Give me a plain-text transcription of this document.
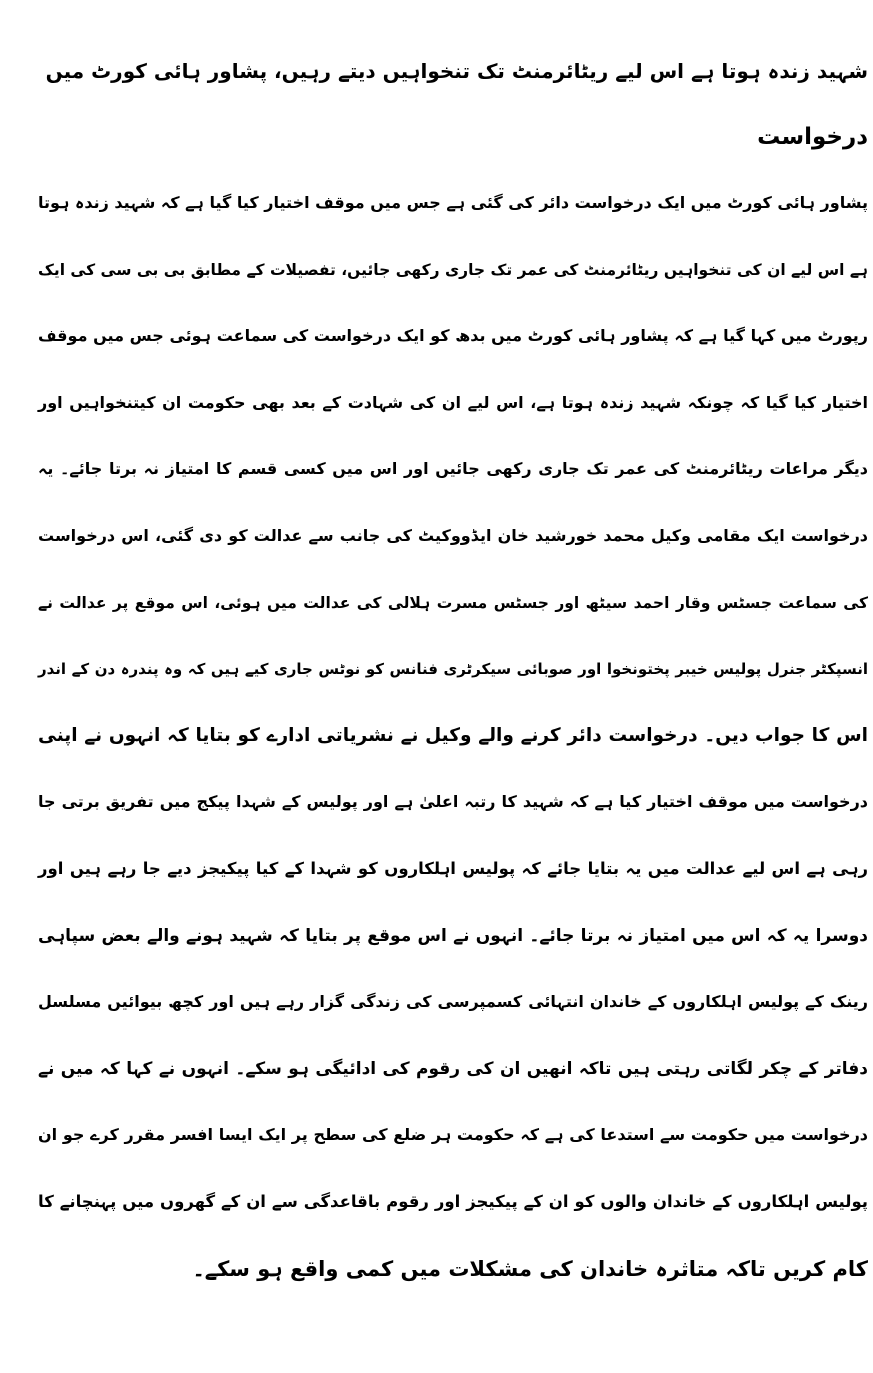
شہید زندہ ہوتا ہے اس لیے ریٹائرمنٹ تک تنخواہیں دیتے رہیں، پشاور ہائی کورٹ میں
درخواست
پشاور ہائی کورٹ میں ایک درخواست دائر کی گئی ہے جس میں موقف اختیار کیا گیا ہے کہ شہید زندہ ہوتا
ہے اس لیے ان کی تنخواہیں ریٹائرمنٹ کی عمر تک جاری رکھی جائیں، تفصیلات کے مطابق بی بی سی کی ایک
رپورٹ میں کہا گیا ہے کہ پشاور ہائی کورٹ میں بدھ کو ایک درخواست کی سماعت ہوئی جس میں موقف
اختیار کیا گیا کہ چونکہ شہید زندہ ہوتا ہے، اس لیے ان کی شہادت کے بعد بھی حکومت ان کیتنخواہیں اور
دیگر مراعات ریٹائرمنٹ کی عمر تک جاری رکھی جائیں اور اس میں کسی قسم کا امتیاز نہ برتا جائے۔ یہ
درخواست ایک مقامی وکیل محمد خورشید خان ایڈووکیٹ کی جانب سے عدالت کو دی گئی، اس درخواست
کی سماعت جسٹس وقار احمد سیٹھ اور جسٹس مسرت ہلالی کی عدالت میں ہوئی، اس موقع پر عدالت نے
انسپکٹر جنرل پولیس خیبر پختونخوا اور صوبائی سیکرٹری فنانس کو نوٹس جاری کیے ہیں کہ وہ پندرہ دن کے اندر
اس کا جواب دیں۔ درخواست دائر کرنے والے وکیل نے نشریاتی ادارے کو بتایا کہ انہوں نے اپنی
درخواست میں موقف اختیار کیا ہے کہ شہید کا رتبہ اعلیٰ ہے اور پولیس کے شہدا پیکج میں تفریق برتی جا
رہی ہے اس لیے عدالت میں یہ بتایا جائے کہ پولیس اہلکاروں کو شہدا کے کیا پیکیجز دیے جا رہے ہیں اور
دوسرا یہ کہ اس میں امتیاز نہ برتا جائے۔ انہوں نے اس موقع پر بتایا کہ شہید ہونے والے بعض سپاہی
رینک کے پولیس اہلکاروں کے خاندان انتہائی کسمپرسی کی زندگی گزار رہے ہیں اور کچھ بیوائیں مسلسل
دفاتر کے چکر لگاتی رہتی ہیں تاکہ انھیں ان کی رقوم کی ادائیگی ہو سکے۔ انہوں نے کہا کہ میں نے
درخواست میں حکومت سے استدعا کی ہے کہ حکومت ہر ضلع کی سطح پر ایک ایسا افسر مقرر کرے جو ان
پولیس اہلکاروں کے خاندان والوں کو ان کے پیکیجز اور رقوم باقاعدگی سے ان کے گھروں میں پہنچانے کا
کام کریں تاکہ متاثرہ خاندان کی مشکلات میں کمی واقع ہو سکے۔
